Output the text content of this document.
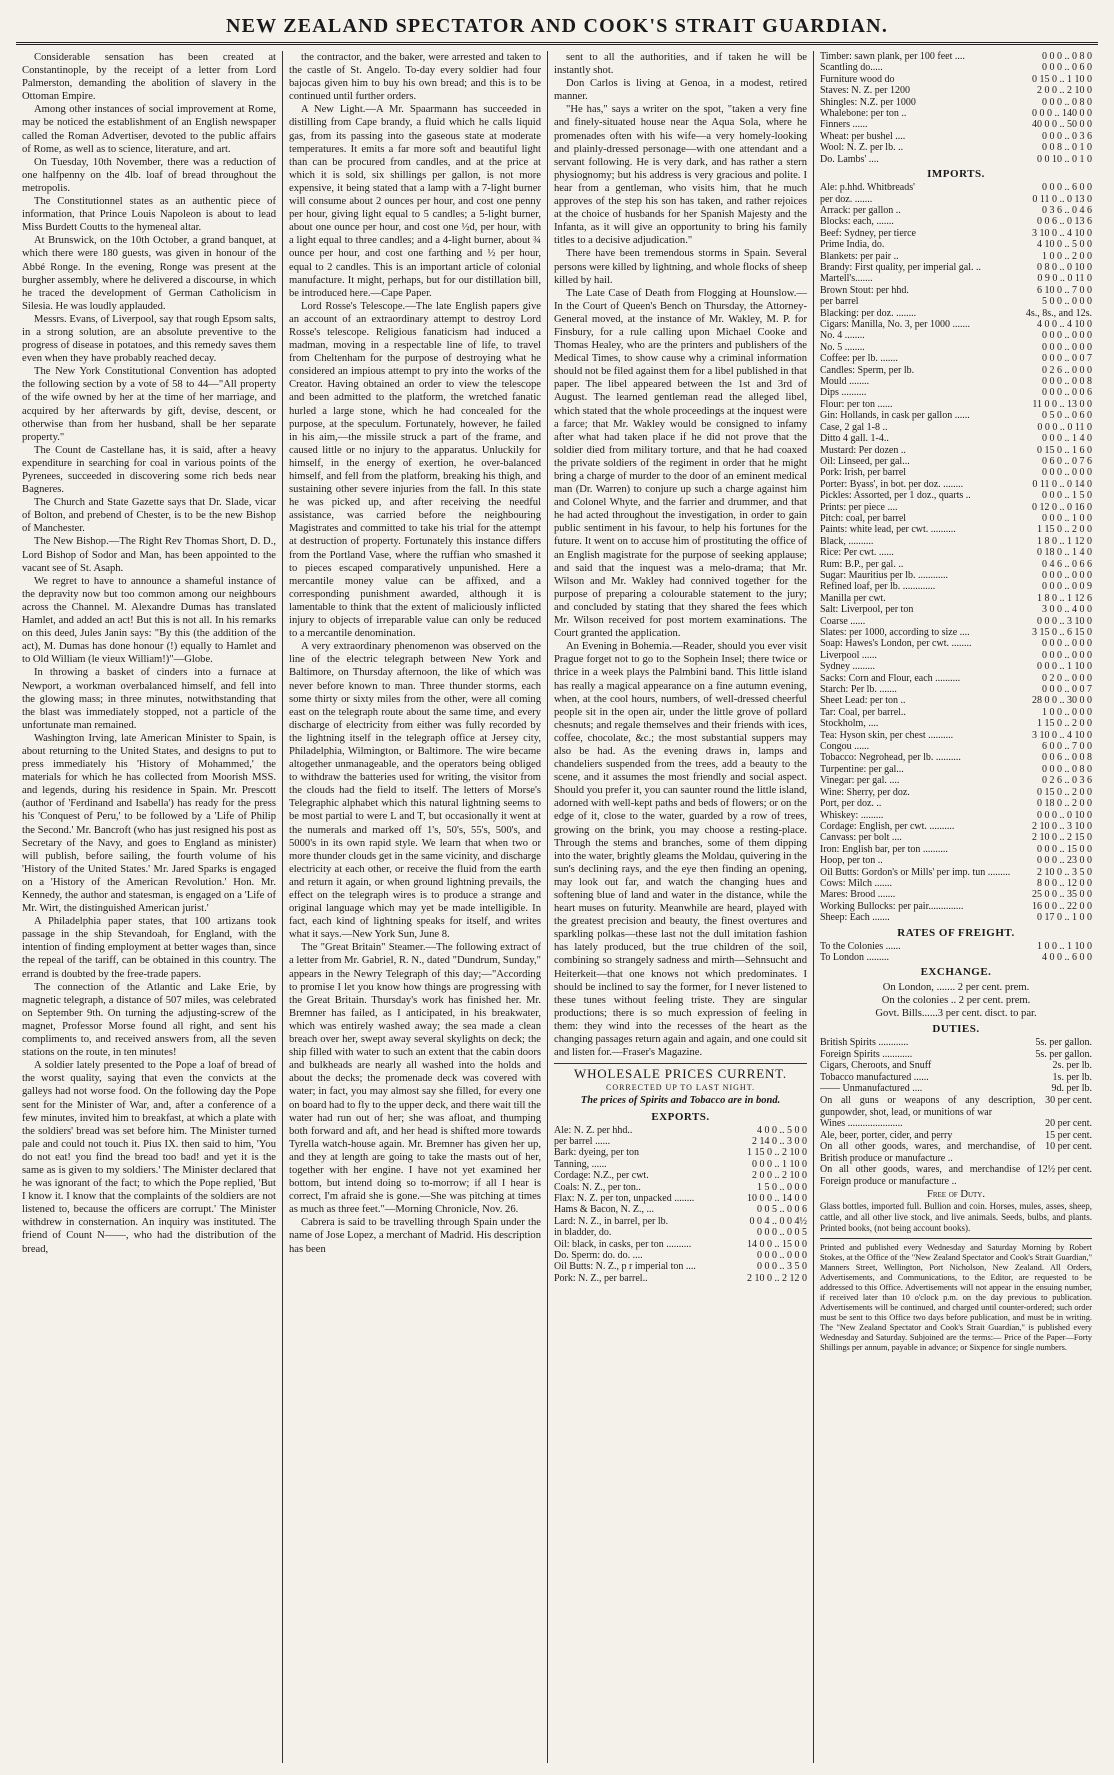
NEW ZEALAND SPECTATOR AND COOK'S STRAIT GUARDIAN.

Considerable sensation has been created at Constantinople, by the receipt of a letter from Lord Palmerston, demanding the abolition of slavery in the Ottoman Empire.

Among other instances of social improvement at Rome, may be noticed the establishment of an English newspaper called the Roman Advertiser, devoted to the public affairs of Rome, as well as to science, literature, and art.

On Tuesday, 10th November, there was a reduction of one halfpenny on the 4lb. loaf of bread throughout the metropolis.

The Constitutionnel states as an authentic piece of information, that Prince Louis Napoleon is about to lead Miss Burdett Coutts to the hymeneal altar.

At Brunswick, on the 10th October, a grand banquet, at which there were 180 guests, was given in honour of the Abbé Ronge. In the evening, Ronge was present at the burgher assembly, where he delivered a discourse, in which he traced the development of German Catholicism in Silesia. He was loudly applauded.

Messrs. Evans, of Liverpool, say that rough Epsom salts, in a strong solution, are an absolute preventive to the progress of disease in potatoes, and this remedy saves them even when they have probably reached decay.

The New York Constitutional Convention has adopted the following section by a vote of 58 to 44—"All property of the wife owned by her at the time of her marriage, and acquired by her afterwards by gift, devise, descent, or otherwise than from her husband, shall be her separate property."

The Count de Castellane has, it is said, after a heavy expenditure in searching for coal in various points of the Pyrenees, succeeded in discovering some rich beds near Bagneres.

The Church and State Gazette says that Dr. Slade, vicar of Bolton, and prebend of Chester, is to be the new Bishop of Manchester.

The New Bishop.—The Right Rev Thomas Short, D. D., Lord Bishop of Sodor and Man, has been appointed to the vacant see of St. Asaph.

We regret to have to announce a shameful instance of the depravity now but too common among our neighbours across the Channel. M. Alexandre Dumas has translated Hamlet, and added an act! But this is not all. In his remarks on this deed, Jules Janin says: "By this (the addition of the act), M. Dumas has done honour (!) equally to Hamlet and to Old William (le vieux William!)"—Globe.

In throwing a basket of cinders into a furnace at Newport, a workman overbalanced himself, and fell into the glowing mass; in three minutes, notwithstanding that the blast was immediately stopped, not a particle of the unfortunate man remained.

Washington Irving, late American Minister to Spain, is about returning to the United States, and designs to put to press immediately his 'History of Mohammed,' the materials for which he has collected from Moorish MSS. and legends, during his residence in Spain. Mr. Prescott (author of 'Ferdinand and Isabella') has ready for the press his 'Conquest of Peru,' to be followed by a 'Life of Philip the Second.' Mr. Bancroft (who has just resigned his post as Secretary of the Navy, and goes to England as minister) will publish, before sailing, the fourth volume of his 'History of the United States.' Mr. Jared Sparks is engaged on a 'History of the American Revolution.' Hon. Mr. Kennedy, the author and statesman, is engaged on a 'Life of Mr. Wirt, the distinguished American jurist.'

A Philadelphia paper states, that 100 artizans took passage in the ship Stevandoah, for England, with the intention of finding employment at better wages than, since the repeal of the tariff, can be obtained in this country. The errand is doubted by the free-trade papers.

The connection of the Atlantic and Lake Erie, by magnetic telegraph, a distance of 507 miles, was celebrated on September 9th. On turning the adjusting-screw of the magnet, Professor Morse found all right, and sent his compliments to, and received answers from, all the seven stations on the route, in ten minutes!

A soldier lately presented to the Pope a loaf of bread of the worst quality, saying that even the convicts at the galleys had not worse food. On the following day the Pope sent for the Minister of War, and, after a conference of a few minutes, invited him to breakfast, at which a plate with the soldiers' bread was set before him. The Minister turned pale and could not touch it. Pius IX. then said to him, 'You do not eat! you find the bread too bad! and yet it is the same as is given to my soldiers.' The Minister declared that he was ignorant of the fact; to which the Pope replied, 'But I know it. I know that the complaints of the soldiers are not listened to, because the officers are corrupt.' The Minister withdrew in consternation. An inquiry was instituted. The friend of Count N——, who had the distribution of the bread,

the contractor, and the baker, were arrested and taken to the castle of St. Angelo. To-day every soldier had four bajocas given him to buy his own bread; and this is to be continued until further orders.

A New Light.—A Mr. Spaarmann has succeeded in distilling from Cape brandy, a fluid which he calls liquid gas, from its passing into the gaseous state at moderate temperatures. It emits a far more soft and beautiful light than can be procured from candles, and at the price at which it is sold, six shillings per gallon, is not more expensive, it being stated that a lamp with a 7-light burner will consume about 2 ounces per hour, and cost one penny per hour, giving light equal to 5 candles; a 5-light burner, about one ounce per hour, and cost one ½d, per hour, with a light equal to three candles; and a 4-light burner, about ¾ ounce per hour, and cost one farthing and ½ per hour, equal to 2 candles. This is an important article of colonial manufacture. It might, perhaps, but for our distillation bill, be introduced here.—Cape Paper.

Lord Rosse's Telescope.—The late English papers give an account of an extraordinary attempt to destroy Lord Rosse's telescope. Religious fanaticism had induced a madman, moving in a respectable line of life, to travel from Cheltenham for the purpose of destroying what he considered an impious attempt to pry into the works of the Creator. Having obtained an order to view the telescope and been admitted to the platform, the wretched fanatic hurled a large stone, which he had concealed for the purpose, at the speculum. Fortunately, however, he failed in his aim,—the missile struck a part of the frame, and caused little or no injury to the apparatus. Unluckily for himself, in the energy of exertion, he over-balanced himself, and fell from the platform, breaking his thigh, and sustaining other severe injuries from the fall. In this state he was picked up, and after receiving the needful assistance, was carried before the neighbouring Magistrates and committed to take his trial for the attempt at destruction of property. Fortunately this instance differs from the Portland Vase, where the ruffian who smashed it to pieces escaped comparatively unpunished. Here a mercantile money value can be affixed, and a corresponding punishment awarded, although it is lamentable to think that the extent of maliciously inflicted injury to objects of irreparable value can only be reduced to a mercantile denomination.

A very extraordinary phenomenon was observed on the line of the electric telegraph between New York and Baltimore, on Thursday afternoon, the like of which was never before known to man. Three thunder storms, each some thirty or sixty miles from the other, were all coming east on the telegraph route about the same time, and every discharge of electricity from either was fully recorded by the lightning itself in the telegraph office at Jersey city, Philadelphia, Wilmington, or Baltimore. The wire became altogether unmanageable, and the operators being obliged to withdraw the batteries used for writing, the visitor from the clouds had the field to itself. The letters of Morse's Telegraphic alphabet which this natural lightning seems to be most partial to were L and T, but occasionally it went at the numerals and marked off 1's, 50's, 55's, 500's, and 5000's in its own rapid style. We learn that when two or more thunder clouds get in the same vicinity, and discharge electricity at each other, or receive the fluid from the earth and return it again, or when ground lightning prevails, the effect on the telegraph wires is to produce a strange and original language which may yet be made intelligible. In fact, each kind of lightning speaks for itself, and writes what it says.—New York Sun, June 8.

The "Great Britain" Steamer.—The following extract of a letter from Mr. Gabriel, R. N., dated "Dundrum, Sunday," appears in the Newry Telegraph of this day;—"According to promise I let you know how things are progressing with the Great Britain. Thursday's work has finished her. Mr. Bremner has failed, as I anticipated, in his breakwater, which was entirely washed away; the sea made a clean breach over her, swept away several skylights on deck; the ship filled with water to such an extent that the cabin doors and bulkheads are nearly all washed into the holds and about the decks; the promenade deck was covered with water; in fact, you may almost say she filled, for every one on board had to fly to the upper deck, and there wait till the water had run out of her; she was afloat, and thumping both forward and aft, and her head is shifted more towards Tyrella watch-house again. Mr. Bremner has given her up, and they at length are going to take the masts out of her, together with her engine. I have not yet examined her bottom, but intend doing so to-morrow; if all I hear is correct, I'm afraid she is gone.—She was pitching at times as much as three feet."—Morning Chronicle, Nov. 26.

Cabrera is said to be travelling through Spain under the name of Jose Lopez, a merchant of Madrid. His description has been

sent to all the authorities, and if taken he will be instantly shot.

Don Carlos is living at Genoa, in a modest, retired manner.

"He has," says a writer on the spot, "taken a very fine and finely-situated house near the Aqua Sola, where he promenades often with his wife—a very homely-looking and plainly-dressed personage—with one attendant and a servant following. He is very dark, and has rather a stern physiognomy; but his address is very gracious and polite. I hear from a gentleman, who visits him, that he much approves of the step his son has taken, and rather rejoices at the choice of husbands for her Spanish Majesty and the Infanta, as it will give an opportunity to bring his family titles to a decisive adjudication."

There have been tremendous storms in Spain. Several persons were killed by lightning, and whole flocks of sheep killed by hail.

The Late Case of Death from Flogging at Hounslow.—In the Court of Queen's Bench on Thursday, the Attorney-General moved, at the instance of Mr. Wakley, M. P. for Finsbury, for a rule calling upon Michael Cooke and Thomas Healey, who are the printers and publishers of the Medical Times, to show cause why a criminal information should not be filed against them for a libel published in that paper. The libel appeared between the 1st and 3rd of August. The learned gentleman read the alleged libel, which stated that the whole proceedings at the inquest were a farce; that Mr. Wakley would be consigned to infamy after what had taken place if he did not prove that the soldier died from military torture, and that he had coaxed the private soldiers of the regiment in order that he might bring a charge of murder to the door of an eminent medical man (Dr. Warren) to conjure up such a charge against him and Colonel Whyte, and the farrier and drummer, and that he had acted throughout the investigation, in order to gain public sentiment in his favour, to help his fortunes for the future. It went on to accuse him of prostituting the office of an English magistrate for the purpose of seeking applause; and said that the inquest was a melo-drama; that Mr. Wilson and Mr. Wakley had connived together for the purpose of preparing a colourable statement to the jury; and concluded by stating that they shared the fees which Mr. Wilson received for post mortem examinations. The Court granted the application.

An Evening in Bohemia.—Reader, should you ever visit Prague forget not to go to the Sophein Insel; there twice or thrice in a week plays the Palmbini band. This little island has really a magical appearance on a fine autumn evening, when, at the cool hours, numbers, of well-dressed cheerful people sit in the open air, under the little grove of pollard chesnuts; and regale themselves and their friends with ices, coffee, chocolate, &c.; the most substantial suppers may also be had. As the evening draws in, lamps and chandeliers suspended from the trees, add a beauty to the scene, and it assumes the most friendly and social aspect. Should you prefer it, you can saunter round the little island, adorned with well-kept paths and beds of flowers; or on the edge of it, close to the water, guarded by a row of trees, growing on the brink, you may choose a resting-place. Through the stems and branches, some of them dipping into the water, brightly gleams the Moldau, quivering in the sun's declining rays, and the eye then finding an opening, may look out far, and watch the changing hues and softening blue of land and water in the distance, while the heart muses on futurity. Meanwhile are heard, played with the greatest precision and beauty, the finest overtures and sparkling polkas—these last not the dull imitation fashion has lately produced, but the true children of the soil, combining so strangely sadness and mirth—Sehnsucht and Heiterkeit—that one knows not which predominates. I should be inclined to say the former, for I never listened to these tunes without feeling triste. They are singular productions; there is so much expression of feeling in them: they wind into the recesses of the heart as the changing passages return again and again, and one could sit and listen for.—Fraser's Magazine.

WHOLESALE PRICES CURRENT.
CORRECTED UP TO LAST NIGHT.
The prices of Spirits and Tobacco are in bond.
EXPORTS.
Ale: N. Z. per hhd..	4 0 0 .. 5 0 0
per barrel ......	2 14 0 .. 3 0 0
Bark: dyeing, per ton	1 15 0 .. 2 10 0
Tanning, ......	0 0 0 .. 1 10 0
Cordage: N.Z., per cwt.	2 0 0 .. 2 10 0
Coals: N. Z., per ton..	1 5 0 .. 0 0 0
Flax: N. Z. per ton, unpacked ........	10 0 0 .. 14 0 0
Hams & Bacon, N. Z., ...	0 0 5 .. 0 0 6
Lard: N. Z., in barrel, per lb.	0 0 4 .. 0 0 4½
in bladder, do.	0 0 0 .. 0 0 5
Oil: black, in casks, per ton ..........	14 0 0 .. 15 0 0
Do. Sperm: do. do. ....	0 0 0 .. 0 0 0
Oil Butts: N. Z., p r imperial ton ....	0 0 0 .. 3 5 0
Pork: N. Z., per barrel..	2 10 0 .. 2 12 0
Timber: sawn plank, per 100 feet ....	0 0 0 .. 0 8 0
Scantling do.....	0 0 0 .. 0 6 0
Furniture wood do	0 15 0 .. 1 10 0
Staves: N. Z. per 1200	2 0 0 .. 2 10 0
Shingles: N.Z. per 1000	0 0 0 .. 0 8 0
Whalebone: per ton ..	0 0 0 .. 140 0 0
Finners ......	40 0 0 .. 50 0 0
Wheat: per bushel ....	0 0 0 .. 0 3 6
Wool: N. Z. per lb. ..	0 0 8 .. 0 1 0
Do. Lambs' ....	0 0 10 .. 0 1 0
IMPORTS.
Ale: p.hhd. Whitbreads'	0 0 0 .. 6 0 0
per doz. .......	0 11 0 .. 0 13 0
Arrack: per gallon ..	0 3 6 .. 0 4 6
Blocks: each, .......	0 0 6 .. 0 13 6
Beef: Sydney, per tierce	3 10 0 .. 4 10 0
Prime India, do.	4 10 0 .. 5 0 0
Blankets: per pair ..	1 0 0 .. 2 0 0
Brandy: First quality, per imperial gal. ..	0 8 0 .. 0 10 0
Martell's.......	0 9 0 .. 0 11 0
Brown Stout: per hhd.	6 10 0 .. 7 0 0
per barrel	5 0 0 .. 0 0 0
Blacking: per doz. ........	4s., 8s., and 12s.
Cigars: Manilla, No. 3, per 1000 .......	4 0 0 .. 4 10 0
No. 4 ........	0 0 0 .. 0 0 0
No. 5 ........	0 0 0 .. 0 0 0
Coffee: per lb. .......	0 0 0 .. 0 0 7
Candles: Sperm, per lb.	0 2 6 .. 0 0 0
Mould ........	0 0 0 .. 0 0 8
Dips ..........	0 0 0 .. 0 0 6
Flour: per ton ......	11 0 0 .. 13 0 0
Gin: Hollands, in cask per gallon ......	0 5 0 .. 0 6 0
Case, 2 gal 1-8 ..	0 0 0 .. 0 11 0
Ditto 4 gall. 1-4..	0 0 0 .. 1 4 0
Mustard: Per dozen ..	0 15 0 .. 1 6 0
Oil: Linseed, per gal...	0 6 0 .. 0 7 6
Pork: Irish, per barrel	0 0 0 .. 0 0 0
Porter: Byass', in bot. per doz. ........	0 11 0 .. 0 14 0
Pickles: Assorted, per 1 doz., quarts ..	0 0 0 .. 1 5 0
Prints: per piece ....	0 12 0 .. 0 16 0
Pitch: coal, per barrel	0 0 0 .. 1 0 0
Paints: white lead, per cwt. ..........	1 15 0 .. 2 0 0
Black, ..........	1 8 0 .. 1 12 0
Rice: Per cwt. ......	0 18 0 .. 1 4 0
Rum: B.P., per gal. ..	0 4 6 .. 0 6 6
Sugar: Mauritius per lb. ............	0 0 0 .. 0 0 0
Refined loaf, per lb. .............	0 0 0 .. 0 0 9
Manilla per cwt.	1 8 0 .. 1 12 6
Salt: Liverpool, per ton	3 0 0 .. 4 0 0
Coarse ......	0 0 0 .. 3 10 0
Slates: per 1000, according to size ....	3 15 0 .. 6 15 0
Soap: Hawes's London, per cwt. ........	0 0 0 .. 0 0 0
Liverpool ......	0 0 0 .. 0 0 0
Sydney .........	0 0 0 .. 1 10 0
Sacks: Corn and Flour, each ..........	0 2 0 .. 0 0 0
Starch: Per lb. .......	0 0 0 .. 0 0 7
Sheet Lead: per ton ..	28 0 0 .. 30 0 0
Tar: Coal, per barrel..	1 0 0 .. 0 0 0
Stockholm, ....	1 15 0 .. 2 0 0
Tea: Hyson skin, per chest ..........	3 10 0 .. 4 10 0
Congou ......	6 0 0 .. 7 0 0
Tobacco: Negrohead, per lb. ..........	0 0 6 .. 0 0 8
Turpentine: per gal...	0 0 0 .. 0 8 0
Vinegar: per gal. ....	0 2 6 .. 0 3 6
Wine: Sherry, per doz.	0 15 0 .. 2 0 0
Port, per doz. ..	0 18 0 .. 2 0 0
Whiskey: .........	0 0 0 .. 0 10 0
Cordage: English, per cwt. ..........	2 10 0 .. 3 10 0
Canvass: per bolt ....	2 10 0 .. 2 15 0
Iron: English bar, per ton ..........	0 0 0 .. 15 0 0
Hoop, per ton ..	0 0 0 .. 23 0 0
Oil Butts: Gordon's or Mills' per imp. tun .........	2 10 0 .. 3 5 0
Cows: Milch .......	8 0 0 .. 12 0 0
Mares: Brood .......	25 0 0 .. 35 0 0
Working Bullocks: per pair..............	16 0 0 .. 22 0 0
Sheep: Each .......	0 17 0 .. 1 0 0
RATES OF FREIGHT.
To the Colonies ......	1 0 0 .. 1 10 0
To London .........	4 0 0 .. 6 0 0
EXCHANGE.
On London, ....... 2 per cent. prem.
On the colonies .. 2 per cent. prem.
Govt. Bills......3 per cent. disct. to par.
DUTIES.
British Spirits ............	5s. per gallon.
Foreign Spirits ............	5s. per gallon.
Cigars, Cheroots, and Snuff	2s. per lb.
Tobacco manufactured ......	1s. per lb.
—— Unmanufactured ....	9d. per lb.
On all guns or weapons of any description, gunpowder, shot, lead, or munitions of war	30 per cent.
Wines ......................	20 per cent.
Ale, beer, porter, cider, and perry	15 per cent.
On all other goods, wares, and merchandise, of British produce or manufacture ..	10 per cent.
On all other goods, wares, and merchandise of Foreign produce or manufacture ..	12½ per cent.
Free of Duty.
Glass bottles, imported full. Bullion and coin. Horses, mules, asses, sheep, cattle, and all other live stock, and live animals. Seeds, bulbs, and plants. Printed books, (not being account books).
Printed and published every Wednesday and Saturday Morning by Robert Stokes, at the Office of the "New Zealand Spectator and Cook's Strait Guardian," Manners Street, Wellington, Port Nicholson, New Zealand. All Orders, Advertisements, and Communications, to the Editor, are requested to be addressed to this Office. Advertisements will not appear in the ensuing number, if received later than 10 o'clock p.m. on the day previous to publication. Advertisements will be continued, and charged until counter-ordered; such order must be sent to this Office two days before publication, and must be in writing. The "New Zealand Spectator and Cook's Strait Guardian," is published every Wednesday and Saturday. Subjoined are the terms:— Price of the Paper—Forty Shillings per annum, payable in advance; or Sixpence for single numbers.
